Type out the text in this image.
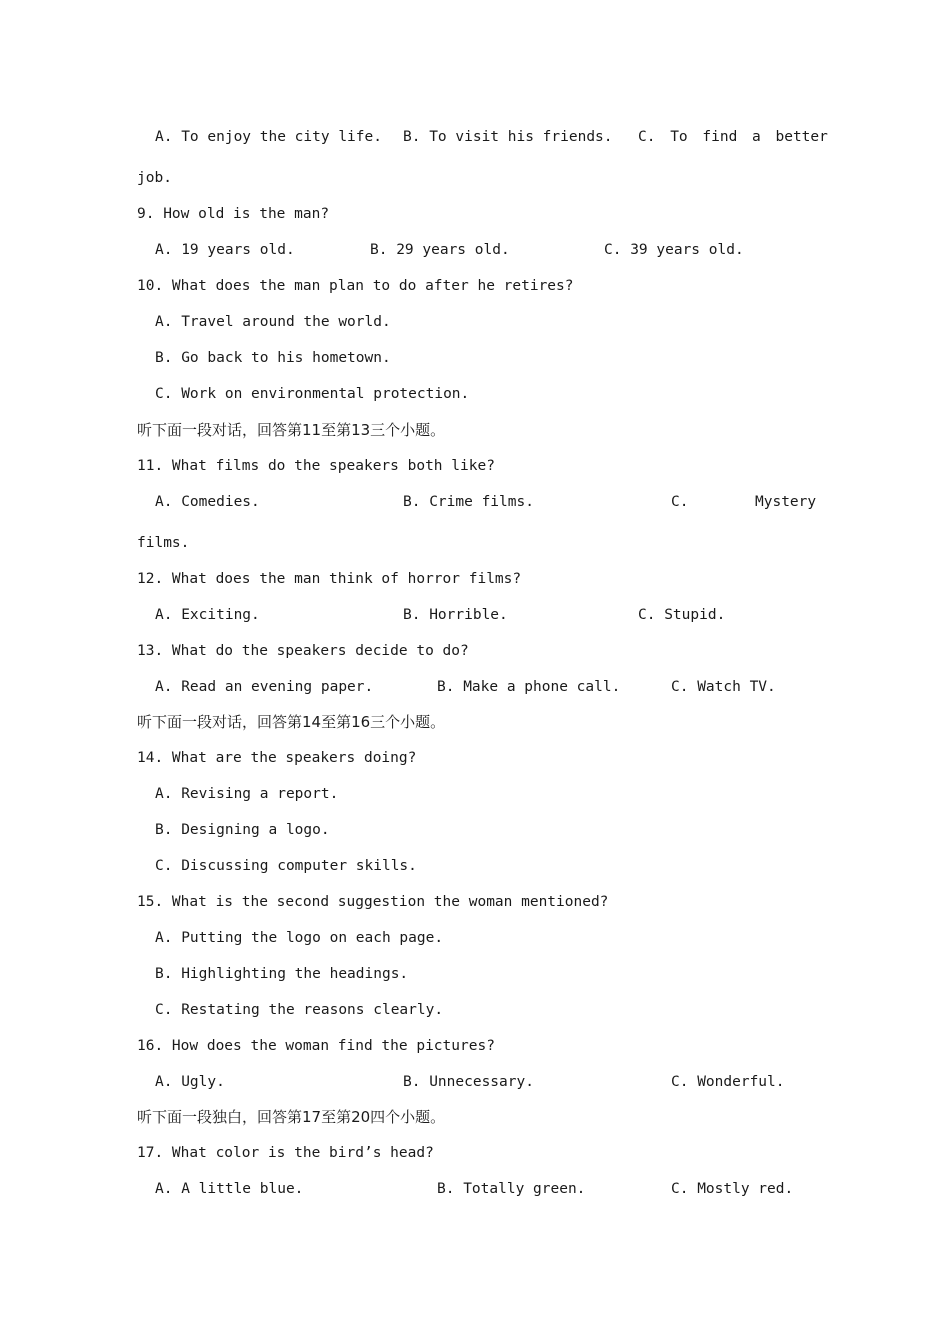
A. To enjoy the city life. B. To visit his friends. C. To find a better
job.
9. How old is the man?
A. 19 years old.	B. 29 years old.	C. 39 years old.
10. What does the man plan to do after he retires?
A. Travel around the world.
B. Go back to his hometown.
C. Work on environmental protection.
听下面一段对话，回答第11至第13三个小题。
11. What films do the speakers both like?
A. Comedies.	B. Crime films.	C.	Mystery
films.
12. What does the man think of horror films?
A. Exciting.	B. Horrible.	C. Stupid.
13. What do the speakers decide to do?
A. Read an evening paper.	B. Make a phone call.	C. Watch TV.
听下面一段对话，回答第14至第16三个小题。
14. What are the speakers doing?
A. Revising a report.
B. Designing a logo.
C. Discussing computer skills.
15. What is the second suggestion the woman mentioned?
A. Putting the logo on each page.
B. Highlighting the headings.
C. Restating the reasons clearly.
16. How does the woman find the pictures?
A. Ugly.	B. Unnecessary.	C. Wonderful.
听下面一段独白，回答第17至第20四个小题。
17. What color is the bird’s head?
A. A little blue.	B. Totally green.	C. Mostly red.
